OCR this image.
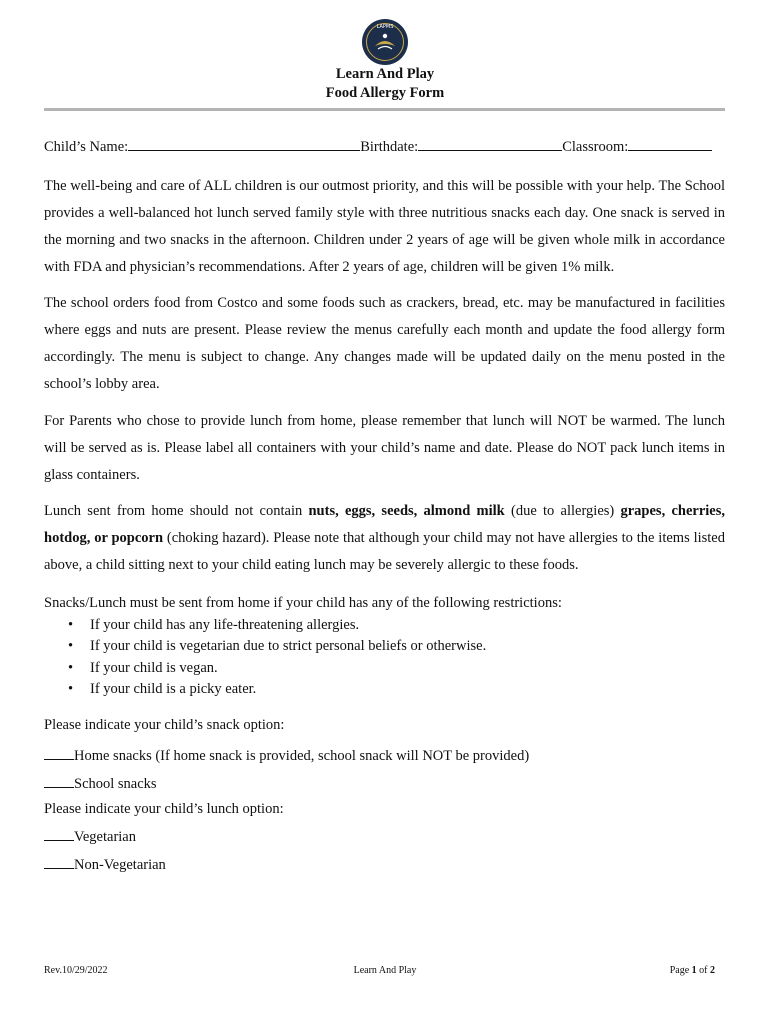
LAPMS
Learn And Play
Food Allergy Form
Child’s Name:	Birthdate:	Classroom:

The well-being and care of ALL children is our outmost priority, and this will be possible with your help. The School provides a well-balanced hot lunch served family style with three nutritious snacks each day. One snack is served in the morning and two snacks in the afternoon. Children under 2 years of age will be given whole milk in accordance with FDA and physician’s recommendations. After 2 years of age, children will be given 1% milk.

The school orders food from Costco and some foods such as crackers, bread, etc. may be manufactured in facilities where eggs and nuts are present. Please review the menus carefully each month and update the food allergy form accordingly. The menu is subject to change. Any changes made will be updated daily on the menu posted in the school’s lobby area.

For Parents who chose to provide lunch from home, please remember that lunch will NOT be warmed. The lunch will be served as is. Please label all containers with your child’s name and date. Please do NOT pack lunch items in glass containers.

Lunch sent from home should not contain nuts, eggs, seeds, almond milk (due to allergies) grapes, cherries, hotdog, or popcorn (choking hazard). Please note that although your child may not have allergies to the items listed above, a child sitting next to your child eating lunch may be severely allergic to these foods.

Snacks/Lunch must be sent from home if your child has any of the following restrictions:
• If your child has any life-threatening allergies.
• If your child is vegetarian due to strict personal beliefs or otherwise.
• If your child is vegan.
• If your child is a picky eater.
Please indicate your child’s snack option:
Home snacks (If home snack is provided, school snack will NOT be provided)
School snacks
Please indicate your child’s lunch option:
Vegetarian
Non-Vegetarian
Rev.10/29/2022	Learn And Play	Page 1 of 2
